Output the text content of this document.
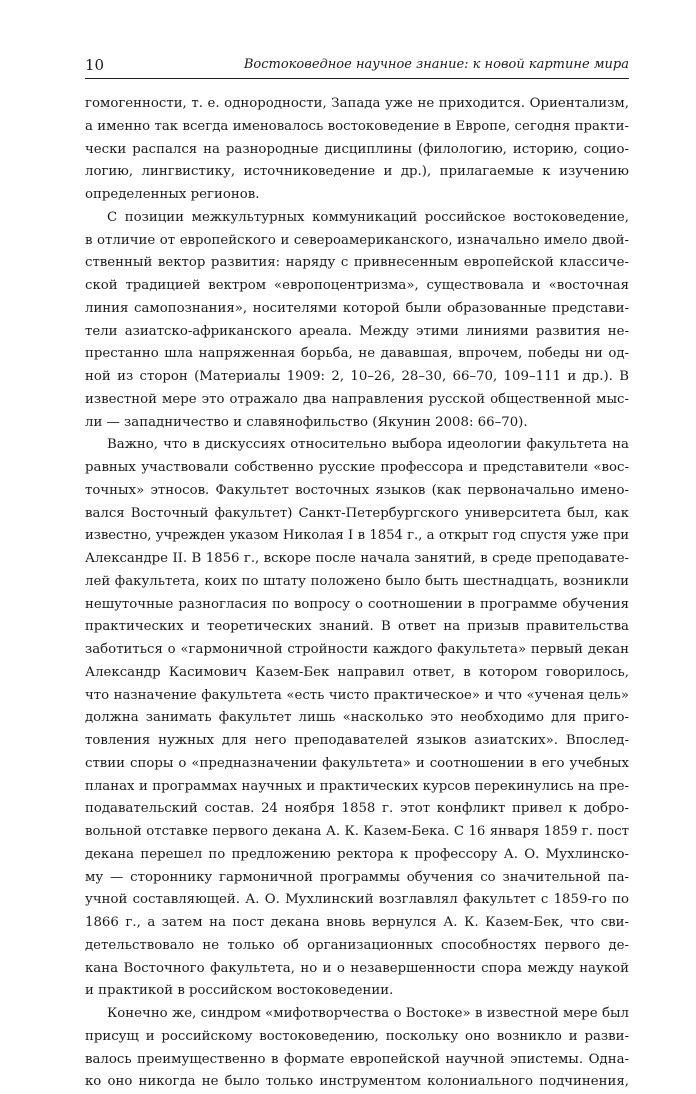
10	Востоковедное научное знание: к новой картине мира

гомогенности, т. е. однородности, Запада уже не приходится. Ориентализм,
а именно так всегда именовалось востоковедение в Европе, сегодня практи-
чески распался на разнородные дисциплины (филологию, историю, социо-
логию, лингвистику, источниковедение и др.), прилагаемые к изучению
определенных регионов.

С позиции межкультурных коммуникаций российское востоковедение,
в отличие от европейского и североамериканского, изначально имело двой-
ственный вектор развития: наряду с привнесенным европейской классиче-
ской традицией вектром «европоцентризма», существовала и «восточная
линия самопознания», носителями которой были образованные представи-
тели азиатско-африканского ареала. Между этими линиями развития не-
престанно шла напряженная борьба, не дававшая, впрочем, победы ни од-
ной из сторон (Материалы 1909: 2, 10–26, 28–30, 66–70, 109–111 и др.). В
известной мере это отражало два направления русской общественной мыс-
ли — западничество и славянофильство (Якунин 2008: 66–70).

Важно, что в дискуссиях относительно выбора идеологии факультета на
равных участвовали собственно русские профессора и представители «вос-
точных» этносов. Факультет восточных языков (как первоначально имено-
вался Восточный факультет) Санкт-Петербургского университета был, как
известно, учрежден указом Николая I в 1854 г., а открыт год спустя уже при
Александре II. В 1856 г., вскоре после начала занятий, в среде преподавате-
лей факультета, коих по штату положено было быть шестнадцать, возникли
нешуточные разногласия по вопросу о соотношении в программе обучения
практических и теоретических знаний. В ответ на призыв правительства
заботиться о «гармоничной стройности каждого факультета» первый декан
Александр Касимович Казем-Бек направил ответ, в котором говорилось,
что назначение факультета «есть чисто практическое» и что «ученая цель»
должна занимать факультет лишь «насколько это необходимо для приго-
товления нужных для него преподавателей языков азиатских». Впослед-
ствии споры о «предназначении факультета» и соотношении в его учебных
планах и программах научных и практических курсов перекинулись на пре-
подавательский состав. 24 ноября 1858 г. этот конфликт привел к добро-
вольной отставке первого декана А. К. Казем-Бека. С 16 января 1859 г. пост
декана перешел по предложению ректора к профессору А. О. Мухлинско-
му — стороннику гармоничной программы обучения со значительной па-
учной составляющей. А. О. Мухлинский возглавлял факультет с 1859-го по
1866 г., а затем на пост декана вновь вернулся А. К. Казем-Бек, что сви-
детельствовало не только об организационных способностях первого де-
кана Восточного факультета, но и о незавершенности спора между наукой
и практикой в российском востоковедении.

Конечно же, синдром «мифотворчества о Востоке» в известной мере был
присущ и российскому востоковедению, поскольку оно возникло и разви-
валось преимущественно в формате европейской научной эпистемы. Одна-
ко оно никогда не было только инструментом колониального подчинения,
